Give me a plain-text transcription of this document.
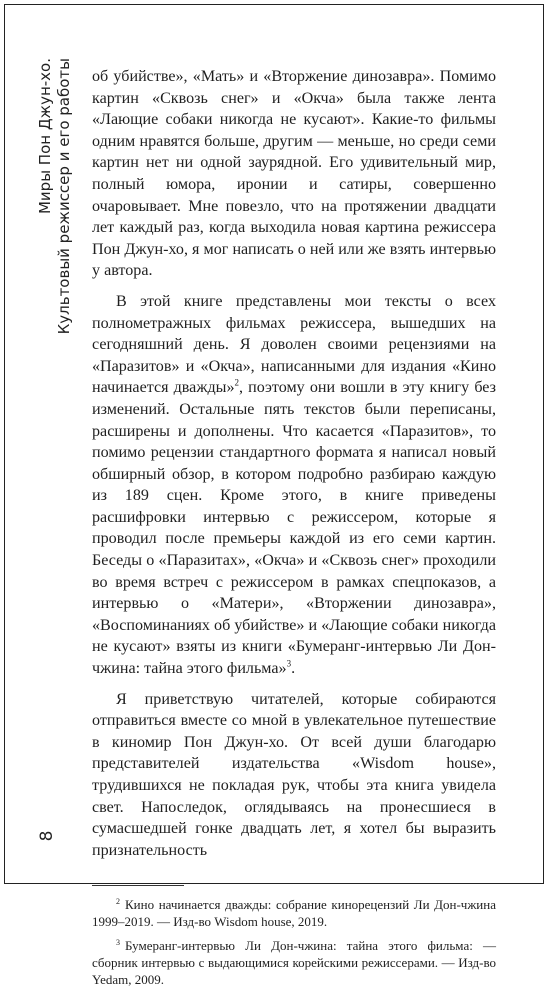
Миры Пон Джун-хо. Культовый режиссер и его работы
8

об убийстве», «Мать» и «Вторжение динозавра». Помимо картин «Сквозь снег» и «Окча» была также лента «Лающие собаки никогда не кусают». Какие-то фильмы одним нравятся больше, другим — меньше, но среди семи картин нет ни одной заурядной. Его удивительный мир, полный юмора, иронии и сатиры, совершенно очаровывает. Мне повезло, что на протяжении двадцати лет каждый раз, когда выходила новая картина режиссера Пон Джун-хо, я мог написать о ней или же взять интервью у автора.

В этой книге представлены мои тексты о всех полнометражных фильмах режиссера, вышедших на сегодняшний день. Я доволен своими рецензиями на «Паразитов» и «Окча», написанными для издания «Кино начинается дважды»$^2$, поэтому они вошли в эту книгу без изменений. Остальные пять текстов были переписаны, расширены и дополнены. Что касается «Паразитов», то помимо рецензии стандартного формата я написал новый обширный обзор, в котором подробно разбираю каждую из 189 сцен. Кроме этого, в книге приведены расшифровки интервью с режиссером, которые я проводил после премьеры каждой из его семи картин. Беседы о «Паразитах», «Окча» и «Сквозь снег» проходили во время встреч с режиссером в рамках спецпоказов, а интервью о «Матери», «Вторжении динозавра», «Воспоминаниях об убийстве» и «Лающие собаки никогда не кусают» взяты из книги «Бумеранг-интервью Ли Дон-чжина: тайна этого фильма»$^3$.

Я приветствую читателей, которые собираются отправиться вместе со мной в увлекательное путешествие в киномир Пон Джун-хо. От всей души благодарю представителей издательства «Wisdom house», трудившихся не покладая рук, чтобы эта книга увидела свет. Напоследок, оглядываясь на пронесшиеся в сумасшедшей гонке двадцать лет, я хотел бы выразить признательность

$^2$ Кино начинается дважды: собрание кинорецензий Ли Дон-чжина 1999–2019. — Изд-во Wisdom house, 2019.

$^3$ Бумеранг-интервью Ли Дон-чжина: тайна этого фильма: — сборник интервью с выдающимися корейскими режиссерами. — Изд-во Yedam, 2009.
